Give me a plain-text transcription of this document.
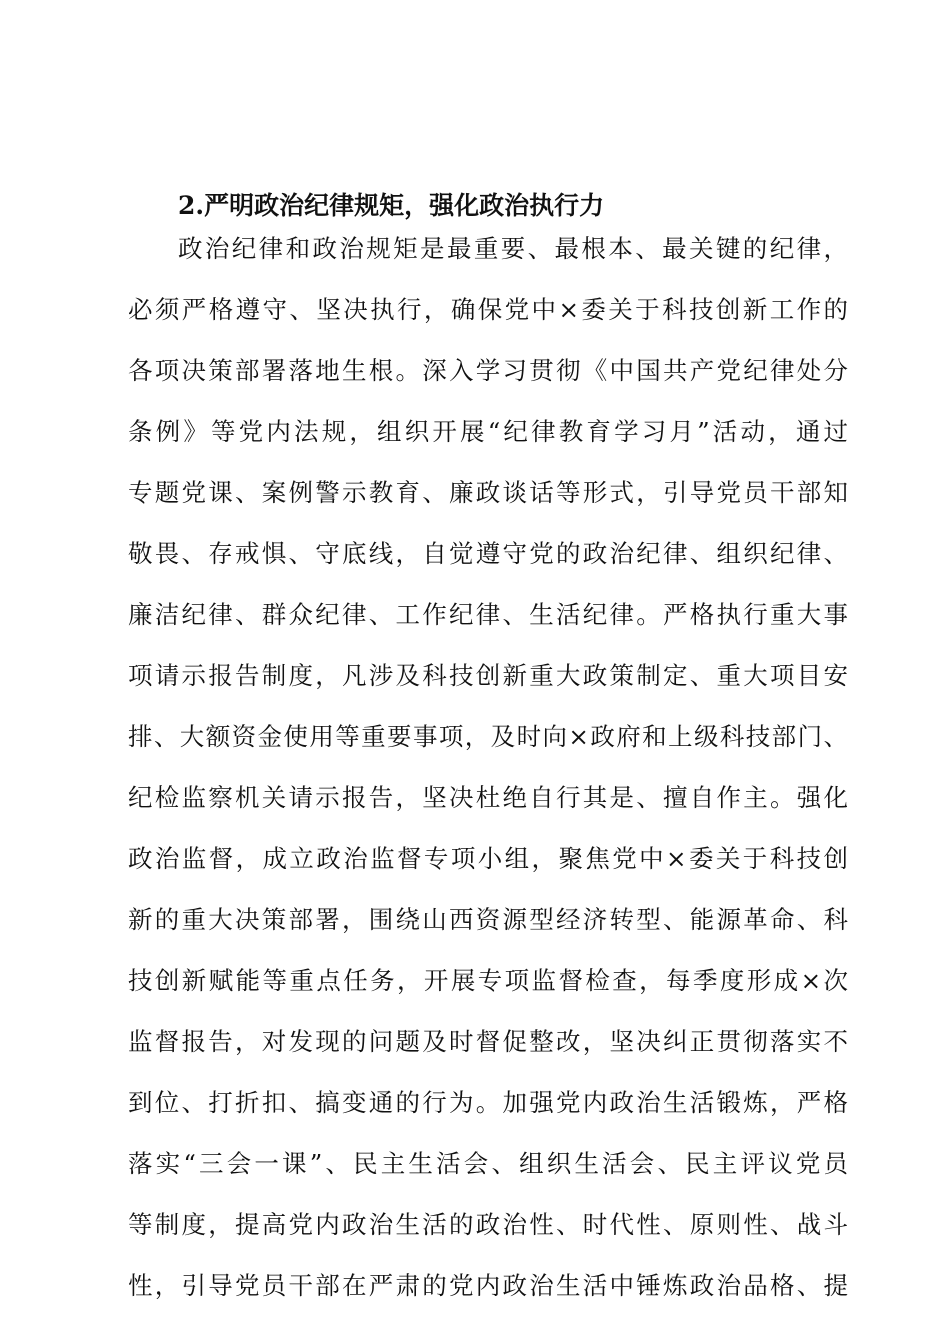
2.严明政治纪律规矩，强化政治执行力
政治纪律和政治规矩是最重要、最根本、最关键的纪律，
必须严格遵守、坚决执行，确保党中×委关于科技创新工作的
各项决策部署落地生根。深入学习贯彻《中国共产党纪律处分
条例》等党内法规，组织开展“纪律教育学习月”活动，通过
专题党课、案例警示教育、廉政谈话等形式，引导党员干部知
敬畏、存戒惧、守底线，自觉遵守党的政治纪律、组织纪律、
廉洁纪律、群众纪律、工作纪律、生活纪律。严格执行重大事
项请示报告制度，凡涉及科技创新重大政策制定、重大项目安
排、大额资金使用等重要事项，及时向×政府和上级科技部门、
纪检监察机关请示报告，坚决杜绝自行其是、擅自作主。强化
政治监督，成立政治监督专项小组，聚焦党中×委关于科技创
新的重大决策部署，围绕山西资源型经济转型、能源革命、科
技创新赋能等重点任务，开展专项监督检查，每季度形成×次
监督报告，对发现的问题及时督促整改，坚决纠正贯彻落实不
到位、打折扣、搞变通的行为。加强党内政治生活锻炼，严格
落实“三会一课”、民主生活会、组织生活会、民主评议党员
等制度，提高党内政治生活的政治性、时代性、原则性、战斗
性，引导党员干部在严肃的党内政治生活中锤炼政治品格、提
